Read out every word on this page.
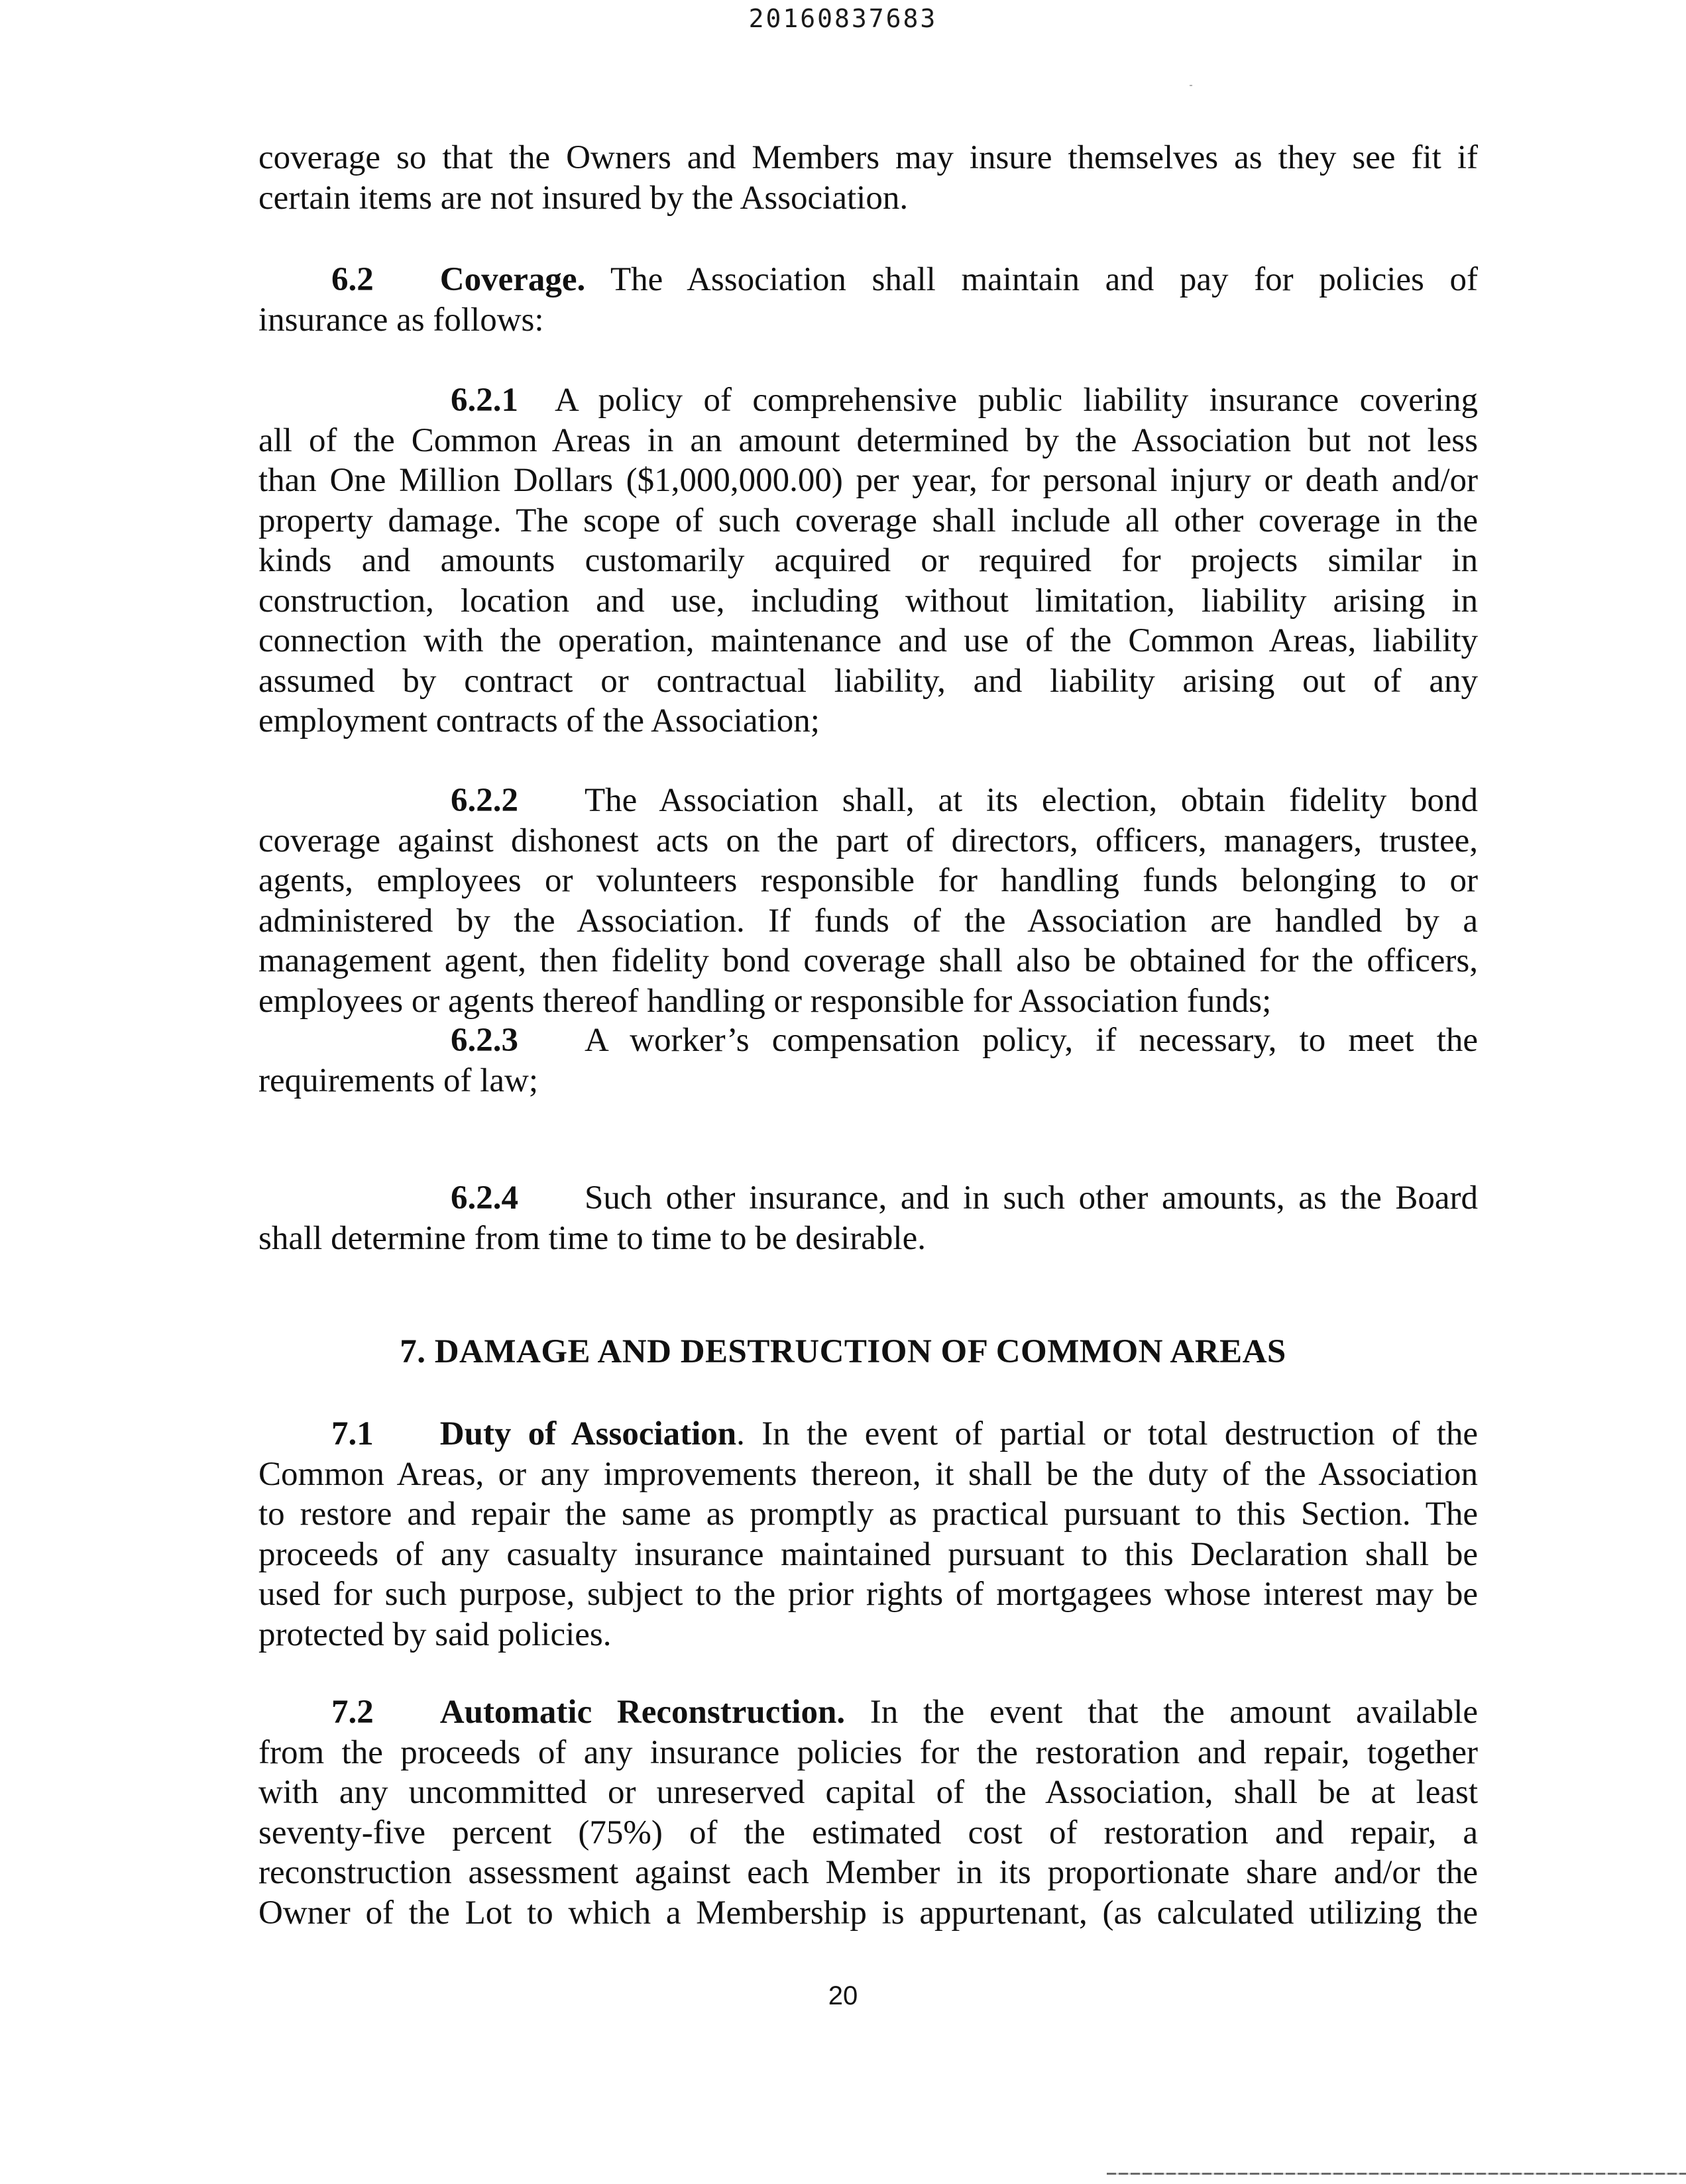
20160837683
coverage so that the Owners and Members may insure themselves as they see fit if
certain items are not insured by the Association.
6.2 Coverage. The Association shall maintain and pay for policies of
insurance as follows:
6.2.1 A policy of comprehensive public liability insurance covering
all of the Common Areas in an amount determined by the Association but not less
than One Million Dollars ($1,000,000.00) per year, for personal injury or death and/or
property damage. The scope of such coverage shall include all other coverage in the
kinds and amounts customarily acquired or required for projects similar in
construction, location and use, including without limitation, liability arising in
connection with the operation, maintenance and use of the Common Areas, liability
assumed by contract or contractual liability, and liability arising out of any
employment contracts of the Association;
6.2.2 The Association shall, at its election, obtain fidelity bond
coverage against dishonest acts on the part of directors, officers, managers, trustee,
agents, employees or volunteers responsible for handling funds belonging to or
administered by the Association. If funds of the Association are handled by a
management agent, then fidelity bond coverage shall also be obtained for the officers,
employees or agents thereof handling or responsible for Association funds;
6.2.3 A worker’s compensation policy, if necessary, to meet the
requirements of law;
6.2.4 Such other insurance, and in such other amounts, as the Board
shall determine from time to time to be desirable.
7. DAMAGE AND DESTRUCTION OF COMMON AREAS
7.1 Duty of Association. In the event of partial or total destruction of the
Common Areas, or any improvements thereon, it shall be the duty of the Association
to restore and repair the same as promptly as practical pursuant to this Section. The
proceeds of any casualty insurance maintained pursuant to this Declaration shall be
used for such purpose, subject to the prior rights of mortgagees whose interest may be
protected by said policies.
7.2 Automatic Reconstruction. In the event that the amount available
from the proceeds of any insurance policies for the restoration and repair, together
with any uncommitted or unreserved capital of the Association, shall be at least
seventy-five percent (75%) of the estimated cost of restoration and repair, a
reconstruction assessment against each Member in its proportionate share and/or the
Owner of the Lot to which a Membership is appurtenant, (as calculated utilizing the
20
